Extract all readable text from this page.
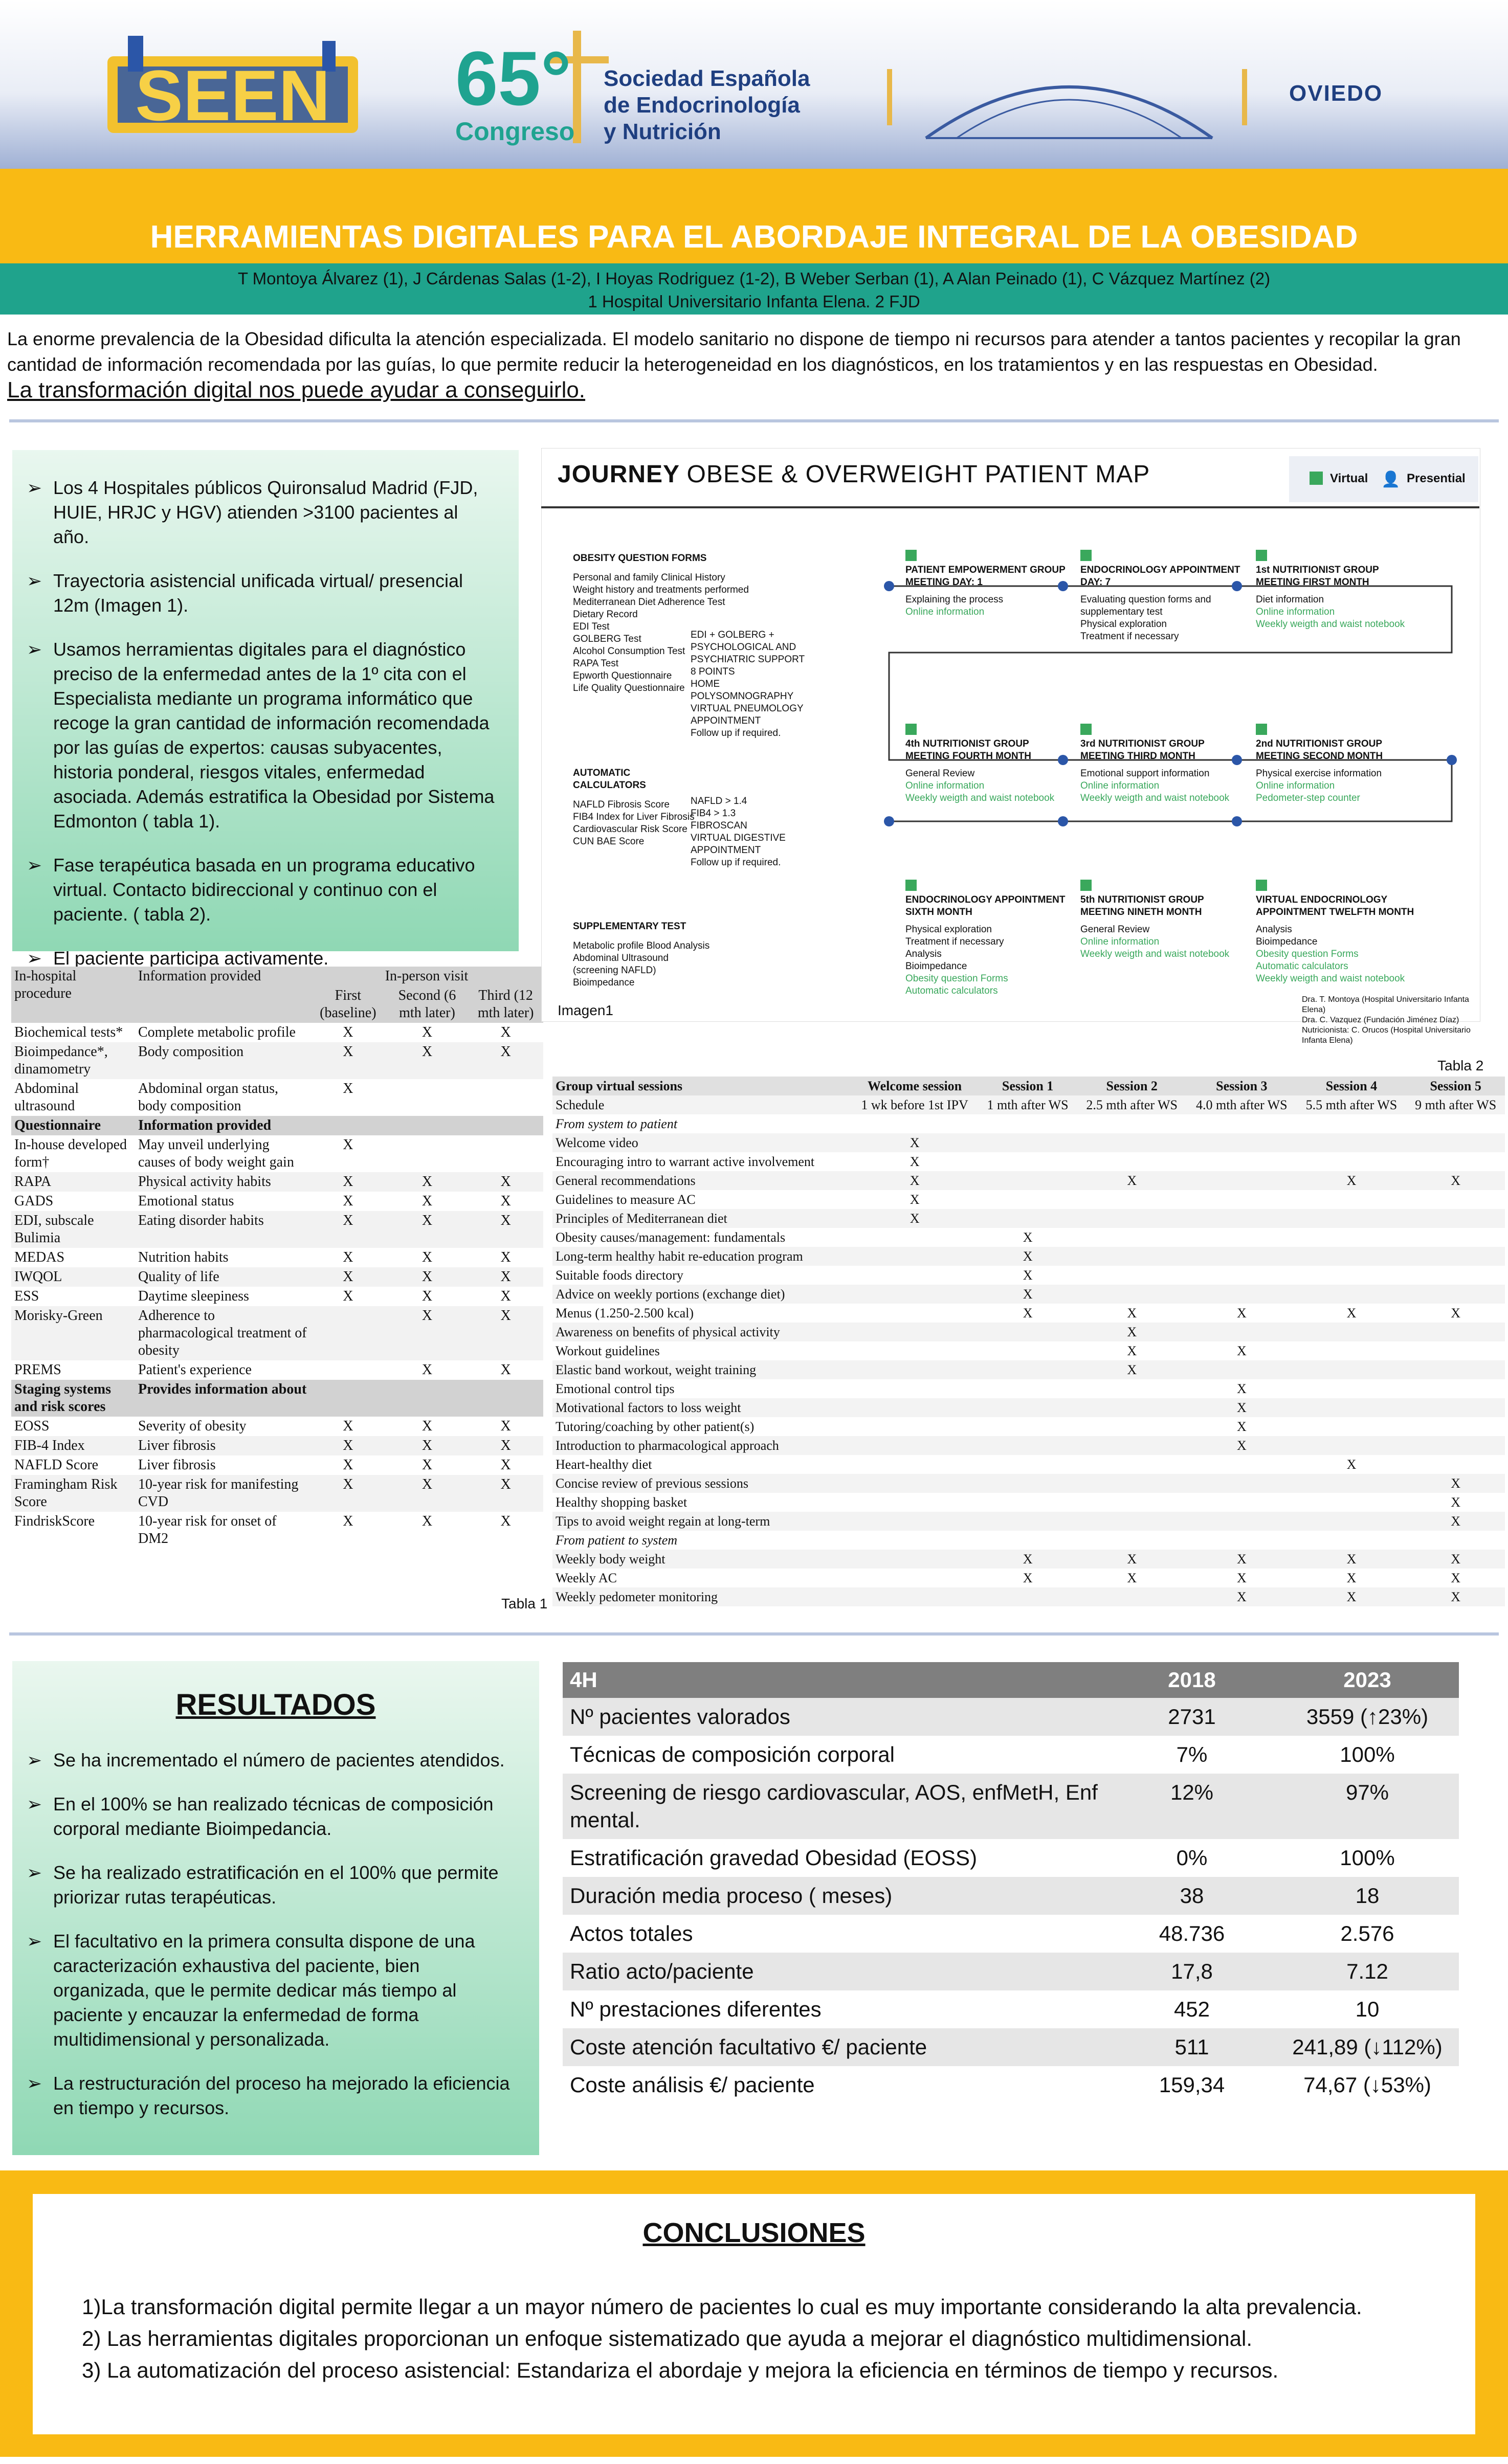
SEEN 65°
Congreso
Sociedad Española
de Endocrinología
y Nutrición
OVIEDO
HERRAMIENTAS DIGITALES PARA EL ABORDAJE INTEGRAL DE LA OBESIDAD
T Montoya Álvarez (1), J Cárdenas Salas (1-2), I Hoyas Rodriguez (1-2), B Weber Serban (1), A Alan Peinado (1), C Vázquez Martínez (2)
1 Hospital Universitario Infanta Elena. 2 FJD
La enorme prevalencia de la Obesidad dificulta la atención especializada. El modelo sanitario no dispone de tiempo ni recursos para atender a tantos pacientes y recopilar la gran cantidad de información recomendada por las guías, lo que permite reducir la heterogeneidad en los diagnósticos, en los tratamientos y en las respuestas en Obesidad.
La transformación digital nos puede ayudar a conseguirlo.
➢ Los 4 Hospitales públicos Quironsalud Madrid (FJD, HUIE, HRJC y HGV) atienden >3100 pacientes al año.
➢ Trayectoria asistencial unificada virtual/ presencial 12m (Imagen 1).
➢ Usamos herramientas digitales para el diagnóstico preciso de la enfermedad antes de la 1º cita con el Especialista mediante un programa informático que recoge la gran cantidad de información recomendada por las guías de expertos: causas subyacentes, historia ponderal, riesgos vitales, enfermedad asociada. Además estratifica la Obesidad por Sistema Edmonton ( tabla 1).
➢ Fase terapéutica basada en un programa educativo virtual. Contacto bidireccional y continuo con el paciente. ( tabla 2).
➢ El paciente participa activamente.
In-hospital procedure	Information provided	In-person visit		
		First (baseline)	Second (6 mth later)	Third (12 mth later)
Biochemical tests*	Complete metabolic profile	X	X	X
Bioimpedance*, dinamometry	Body composition	X	X	X
Abdominal ultrasound	Abdominal organ status, body composition	X		
Questionnaire	Information provided			
In-house developed form†	May unveil underlying causes of body weight gain	X		
RAPA	Physical activity habits	X	X	X
GADS	Emotional status	X	X	X
EDI, subscale Bulimia	Eating disorder habits	X	X	X
MEDAS	Nutrition habits	X	X	X
IWQOL	Quality of life	X	X	X
ESS	Daytime sleepiness	X	X	X
Morisky-Green	Adherence to pharmacological treatment of obesity		X	X
PREMS	Patient's experience		X	X
Staging systems and risk scores	Provides information about			
EOSS	Severity of obesity	X	X	X
FIB-4 Index	Liver fibrosis	X	X	X
NAFLD Score	Liver fibrosis	X	X	X
Framingham Risk Score	10-year risk for manifesting CVD	X	X	X
FindriskScore	10-year risk for onset of DM2	X	X	X
Tabla 1
JOURNEY OBESE & OVERWEIGHT PATIENT MAP	Virtual 👤 Presential
OBESITY QUESTION FORMS
Personal and family Clinical History
Weight history and treatments performed
Mediterranean Diet Adherence Test
Dietary Record
EDI Test
GOLBERG Test
Alcohol Consumption Test
RAPA Test
Epworth Questionnaire
Life Quality Questionnaire
EDI + GOLBERG +
PSYCHOLOGICAL AND PSYCHIATRIC SUPPORT
8 POINTS
HOME POLYSOMNOGRAPHY
VIRTUAL PNEUMOLOGY APPOINTMENT
Follow up if required.
AUTOMATIC CALCULATORS
NAFLD Fibrosis Score
FIB4 Index for Liver Fibrosis
Cardiovascular Risk Score
CUN BAE Score
NAFLD > 1.4
FIB4 > 1.3
FIBROSCAN
VIRTUAL DIGESTIVE APPOINTMENT
Follow up if required.
SUPPLEMENTARY TEST
Metabolic profile Blood Analysis
Abdominal Ultrasound (screening NAFLD)
Bioimpedance
PATIENT EMPOWERMENT GROUP MEETING DAY: 1
Explaining the process
Online information
ENDOCRINOLOGY APPOINTMENT DAY: 7
Evaluating question forms and supplementary test
Physical exploration
Treatment if necessary
1st NUTRITIONIST GROUP MEETING FIRST MONTH
Diet information
Online information
Weekly weigth and waist notebook
4th NUTRITIONIST GROUP MEETING FOURTH MONTH
General Review
Online information
Weekly weigth and waist notebook
3rd NUTRITIONIST GROUP MEETING THIRD MONTH
Emotional support information
Online information
Weekly weigth and waist notebook
2nd NUTRITIONIST GROUP MEETING SECOND MONTH
Physical exercise information
Online information
Pedometer-step counter
ENDOCRINOLOGY APPOINTMENT SIXTH MONTH
Physical exploration
Treatment if necessary
Analysis
Bioimpedance
Obesity question Forms
Automatic calculators
5th NUTRITIONIST GROUP MEETING NINETH MONTH
General Review
Online information
Weekly weigth and waist notebook
VIRTUAL ENDOCRINOLOGY APPOINTMENT TWELFTH MONTH
Analysis
Bioimpedance
Obesity question Forms
Automatic calculators
Weekly weigth and waist notebook
Dra. T. Montoya (Hospital Universitario Infanta Elena)
Dra. C. Vazquez (Fundación Jiménez Díaz)
Nutricionista: C. Orucos (Hospital Universitario Infanta Elena)
Imagen1
Tabla 2
Group virtual sessions	Welcome session	Session 1	Session 2	Session 3	Session 4	Session 5
Schedule	1 wk before 1st IPV	1 mth after WS	2.5 mth after WS	4.0 mth after WS	5.5 mth after WS	9 mth after WS
From system to patient						
Welcome video	X					
Encouraging intro to warrant active involvement	X					
General recommendations	X		X		X	X
Guidelines to measure AC	X					
Principles of Mediterranean diet	X					
Obesity causes/management: fundamentals		X				
Long-term healthy habit re-education program		X				
Suitable foods directory		X				
Advice on weekly portions (exchange diet)		X				
Menus (1.250-2.500 kcal)		X	X	X	X	X
Awareness on benefits of physical activity			X			
Workout guidelines			X	X		
Elastic band workout, weight training			X			
Emotional control tips				X		
Motivational factors to loss weight				X		
Tutoring/coaching by other patient(s)				X		
Introduction to pharmacological approach				X		
Heart-healthy diet					X	
Concise review of previous sessions						X
Healthy shopping basket						X
Tips to avoid weight regain at long-term						X
From patient to system						
Weekly body weight		X	X	X	X	X
Weekly AC		X	X	X	X	X
Weekly pedometer monitoring				X	X	X
➢ Se ha incrementado el número de pacientes atendidos.
➢ En el 100% se han realizado técnicas de composición corporal mediante Bioimpedancia.
➢ Se ha realizado estratificación en el 100% que permite priorizar rutas terapéuticas.
➢ El facultativo en la primera consulta dispone de una caracterización exhaustiva del paciente, bien organizada, que le permite dedicar más tiempo al paciente y encauzar la enfermedad de forma multidimensional y personalizada.
➢ La restructuración del proceso ha mejorado la eficiencia en tiempo y recursos.
RESULTADOS
4H	2018	2023
Nº pacientes valorados	2731	3559 (↑23%)
Técnicas de composición corporal	7%	100%
Screening de riesgo cardiovascular, AOS, enfMetH, Enf mental.	12%	97%
Estratificación gravedad Obesidad (EOSS)	0%	100%
Duración media proceso ( meses)	38	18
Actos totales	48.736	2.576
Ratio acto/paciente	17,8	7.12
Nº prestaciones diferentes	452	10
Coste atención facultativo €/ paciente	511	241,89 (↓112%)
Coste análisis €/ paciente	159,34	74,67 (↓53%)
CONCLUSIONES
1)La transformación digital permite llegar a un mayor número de pacientes lo cual es muy importante considerando la alta prevalencia.
2) Las herramientas digitales proporcionan un enfoque sistematizado que ayuda a mejorar el diagnóstico multidimensional.
3) La automatización del proceso asistencial: Estandariza el abordaje y mejora la eficiencia en términos de tiempo y recursos.
